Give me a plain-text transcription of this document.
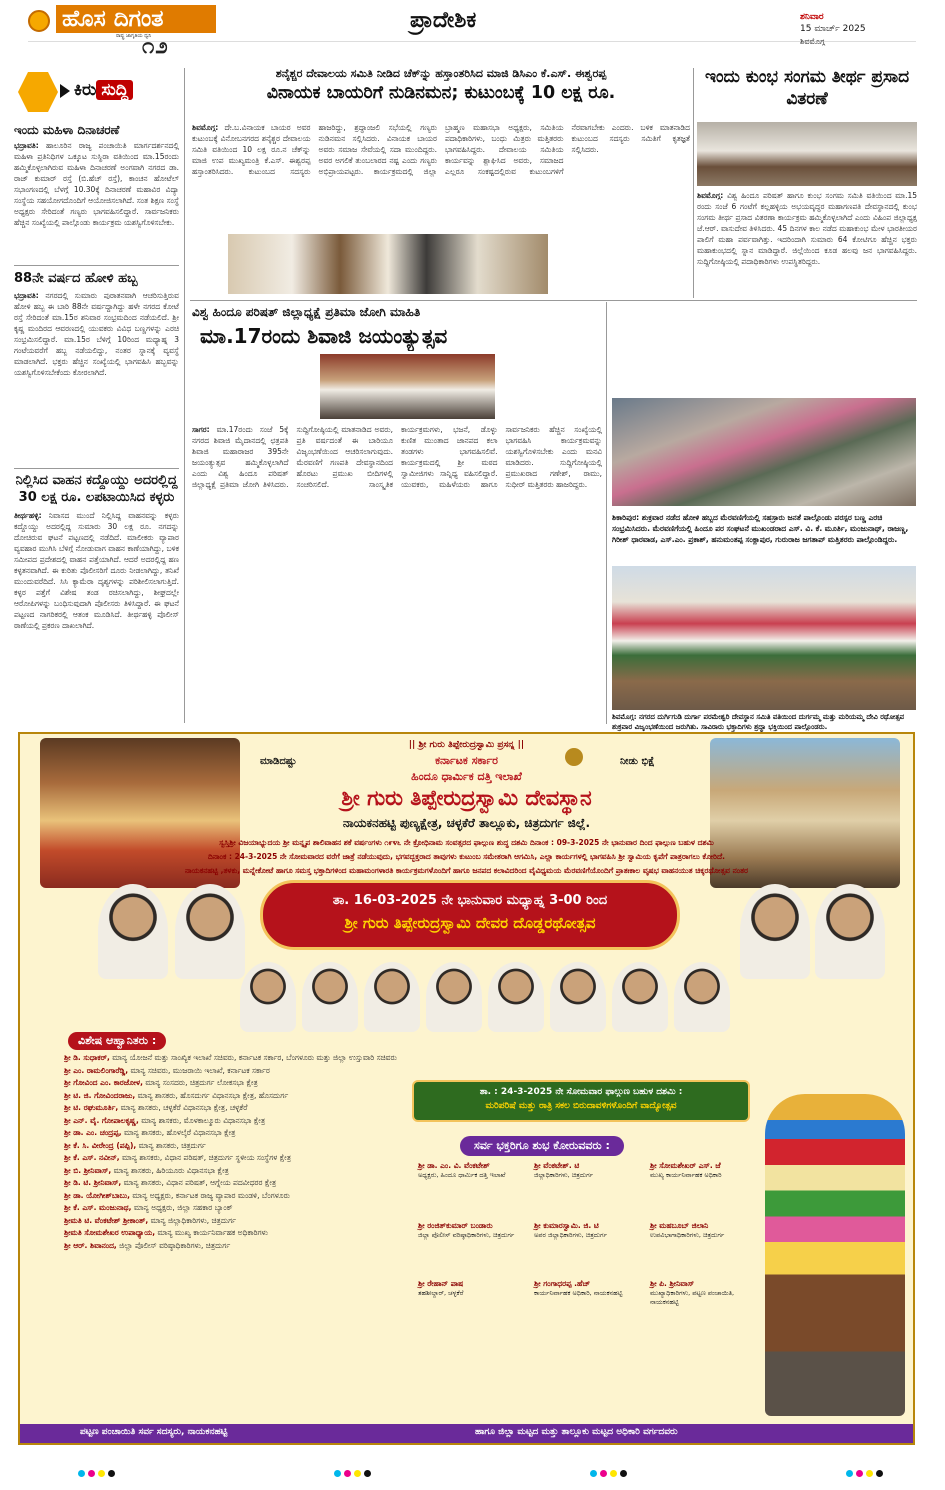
ಹೊಸ ದಿಗಂತ
ರಾಷ್ಟ್ರ ಜಾಗೃತಿಯ ಧ್ವನಿ
೧೨
ಪ್ರಾದೇಶಿಕ	ಶನಿವಾರ
15 ಮಾರ್ಚ್ 2025
ಶಿವಮೊಗ್ಗ
ಕಿರು ಸುದ್ದಿ
ಇಂದು ಮಹಿಳಾ ದಿನಾಚರಣೆ
ಭದ್ರಾವತಿ: ಹಾಲೂರಿನ ರಾಜ್ಯ ಪಂಚಾಯಿತಿ ಮಾರ್ಗದರ್ಶನದಲ್ಲಿ ಮಹಿಳಾ ಪ್ರತಿನಿಧಿಗಳ ಒಕ್ಕೂಟ ಸುಸ್ಥಿರಾ ವತಿಯಿಂದ ಮಾ.15ರಂದು ಹಮ್ಮಿಕೊಳ್ಳಲಾಗಿರುವ ಮಹಿಳಾ ದಿನಾಚರಣೆ ಅಂಗವಾಗಿ ನಗರದ ಡಾ. ರಾಜ್ ಕುಮಾರ್ ರಸ್ತೆ (ಬಿ.ಹೆಚ್ ರಸ್ತೆ), ಕಾಂಚನ ಹೋಟೆಲ್ ಸಭಾಂಗಣದಲ್ಲಿ ಬೆಳಗ್ಗೆ 10.30ಕ್ಕೆ ದಿನಾಚರಣೆ ಮಹಾವಿರ ವಿದ್ಯಾ ಸಂಸ್ಥೆಯ ಸಹಯೋಗದೊಂದಿಗೆ ಆಯೋಜಿಸಲಾಗಿದೆ. ಸಂತ ಶಿಕ್ಷಣ ಸಂಸ್ಥೆ ಅಧ್ಯಕ್ಷರು ಸೇರಿದಂತೆ ಗಣ್ಯರು ಭಾಗವಹಿಸಲಿದ್ದಾರೆ. ಸಾರ್ವಜನಿಕರು ಹೆಚ್ಚಿನ ಸಂಖ್ಯೆಯಲ್ಲಿ ಪಾಲ್ಗೊಂಡು ಕಾರ್ಯಕ್ರಮ ಯಶಸ್ವಿಗೊಳಿಸಬೇಕು.
88ನೇ ವರ್ಷದ ಹೋಳಿ ಹಬ್ಬ
ಭದ್ರಾವತಿ: ನಗರದಲ್ಲಿ ಸುಮಾರು ಪುರಾತನವಾಗಿ ಆಚರಿಸುತ್ತಿರುವ ಹೋಳಿ ಹಬ್ಬ ಈ ಬಾರಿ 88ನೇ ವರ್ಷದ್ದಾಗಿದ್ದು ಹಳೇ ನಗರದ ಕೋಟೆ ರಸ್ತೆ ಸೇರಿದಂತೆ ಮಾ.15ರ ಶನಿವಾರ ಸಂಭ್ರಮದಿಂದ ನಡೆಯಲಿದೆ. ಶ್ರೀ ಕೃಷ್ಣ ಮಂದಿರದ ಆವರಣದಲ್ಲಿ ಯುವಕರು ವಿವಿಧ ಬಣ್ಣಗಳನ್ನು ಎರಚಿ ಸಂಭ್ರಮಿಸಲಿದ್ದಾರೆ. ಮಾ.15ರ ಬೆಳಿಗ್ಗೆ 10ರಿಂದ ಮಧ್ಯಾಹ್ನ 3 ಗಂಟೆಯವರೆಗೆ ಹಬ್ಬ ನಡೆಯಲಿದ್ದು, ನಂತರ ಸ್ನಾನಕ್ಕೆ ವ್ಯವಸ್ಥೆ ಮಾಡಲಾಗಿದೆ. ಭಕ್ತರು ಹೆಚ್ಚಿನ ಸಂಖ್ಯೆಯಲ್ಲಿ ಭಾಗವಹಿಸಿ ಹಬ್ಬವನ್ನು ಯಶಸ್ವಿಗೊಳಿಸಬೇಕೆಂದು ಕೋರಲಾಗಿದೆ.
ನಿಲ್ಲಿಸಿದ ವಾಹನ ಕದ್ದೊಯ್ದು ಅದರಲ್ಲಿದ್ದ 30 ಲಕ್ಷ ರೂ. ಲಪಟಾಯಿಸಿದ ಕಳ್ಳರು
ತೀರ್ಥಹಳ್ಳಿ: ನಿವಾಸದ ಮುಂದೆ ನಿಲ್ಲಿಸಿದ್ದ ವಾಹನವನ್ನು ಕಳ್ಳರು ಕದ್ದೊಯ್ದು ಅದರಲ್ಲಿದ್ದ ಸುಮಾರು 30 ಲಕ್ಷ ರೂ. ನಗದನ್ನು ದೋಚಿರುವ ಘಟನೆ ಪಟ್ಟಣದಲ್ಲಿ ನಡೆದಿದೆ. ಮಾಲೀಕರು ವ್ಯಾಪಾರ ವ್ಯವಹಾರ ಮುಗಿಸಿ ಬೆಳಿಗ್ಗೆ ನೋಡುವಾಗ ವಾಹನ ಕಾಣೆಯಾಗಿದ್ದು, ಬಳಿಕ ಸಮೀಪದ ಪ್ರದೇಶದಲ್ಲಿ ವಾಹನ ಪತ್ತೆಯಾಗಿದೆ. ಆದರೆ ಅದರಲ್ಲಿದ್ದ ಹಣ ಕಳ್ಳತನವಾಗಿದೆ. ಈ ಕುರಿತು ಪೊಲೀಸರಿಗೆ ದೂರು ನೀಡಲಾಗಿದ್ದು, ತನಿಖೆ ಮುಂದುವರೆದಿದೆ. ಸಿಸಿ ಕ್ಯಾಮೆರಾ ದೃಶ್ಯಗಳನ್ನು ಪರಿಶೀಲಿಸಲಾಗುತ್ತಿದೆ. ಕಳ್ಳರ ಪತ್ತೆಗೆ ವಿಶೇಷ ತಂಡ ರಚಿಸಲಾಗಿದ್ದು, ಶೀಘ್ರದಲ್ಲೇ ಆರೋಪಿಗಳನ್ನು ಬಂಧಿಸುವುದಾಗಿ ಪೊಲೀಸರು ತಿಳಿಸಿದ್ದಾರೆ. ಈ ಘಟನೆ ಪಟ್ಟಣದ ನಾಗರಿಕರಲ್ಲಿ ಆತಂಕ ಮೂಡಿಸಿದೆ. ತೀರ್ಥಹಳ್ಳಿ ಪೊಲೀಸ್ ಠಾಣೆಯಲ್ಲಿ ಪ್ರಕರಣ ದಾಖಲಾಗಿದೆ.
ಶನೈಶ್ಚರ ದೇವಾಲಯ ಸಮಿತಿ ನೀಡಿದ ಚೆಕ್‌ನ್ನು ಹಸ್ತಾಂತರಿಸಿದ ಮಾಜಿ ಡಿಸಿಎಂ ಕೆ.ಎಸ್. ಈಶ್ವರಪ್ಪ
ವಿನಾಯಕ ಬಾಯರಿಗೆ ನುಡಿನಮನ; ಕುಟುಂಬಕ್ಕೆ 10 ಲಕ್ಷ ರೂ.
ಶಿವಮೊಗ್ಗ: ದೇ.ಬ.ವಿನಾಯಕ ಬಾಯರ ಅವರ ಕುಟುಂಬಕ್ಕೆ ವಿನೋಬನಗರದ ಶನೈಶ್ಚರ ದೇವಾಲಯ ಸಮಿತಿ ವತಿಯಿಂದ 10 ಲಕ್ಷ ರೂ.ನ ಚೆಕ್‌ನ್ನು ಮಾಜಿ ಉಪ ಮುಖ್ಯಮಂತ್ರಿ ಕೆ.ಎಸ್. ಈಶ್ವರಪ್ಪ ಹಸ್ತಾಂತರಿಸಿದರು. ಕುಟುಂಬದ ಸದಸ್ಯರು ಹಾಜರಿದ್ದು, ಶ್ರದ್ಧಾಂಜಲಿ ಸಭೆಯಲ್ಲಿ ಗಣ್ಯರು ನುಡಿನಮನ ಸಲ್ಲಿಸಿದರು. ವಿನಾಯಕ ಬಾಯರ ಅವರು ಸಮಾಜ ಸೇವೆಯಲ್ಲಿ ಸದಾ ಮುಂದಿದ್ದರು. ಅವರ ಅಗಲಿಕೆ ತುಂಬಲಾರದ ನಷ್ಟ ಎಂದು ಗಣ್ಯರು ಅಭಿಪ್ರಾಯಪಟ್ಟರು. ಕಾರ್ಯಕ್ರಮದಲ್ಲಿ ಜಿಲ್ಲಾ ಬ್ರಾಹ್ಮಣ ಮಹಾಸಭಾ ಅಧ್ಯಕ್ಷರು, ಸಮಿತಿಯ ಪದಾಧಿಕಾರಿಗಳು, ಬಂಧು ಮಿತ್ರರು ಮತ್ತಿತರರು ಭಾಗವಹಿಸಿದ್ದರು. ದೇವಾಲಯ ಸಮಿತಿಯ ಕಾರ್ಯವನ್ನು ಶ್ಲಾಘಿಸಿದ ಅವರು, ಸಮಾಜದ ಎಲ್ಲರೂ ಸಂಕಷ್ಟದಲ್ಲಿರುವ ಕುಟುಂಬಗಳಿಗೆ ನೆರವಾಗಬೇಕು ಎಂದರು. ಬಳಿಕ ಮಾತನಾಡಿದ ಕುಟುಂಬದ ಸದಸ್ಯರು ಸಮಿತಿಗೆ ಕೃತಜ್ಞತೆ ಸಲ್ಲಿಸಿದರು.
ಇಂದು ಕುಂಭ ಸಂಗಮ ತೀರ್ಥ ಪ್ರಸಾದ ವಿತರಣೆ
ಶಿವಮೊಗ್ಗ: ವಿಶ್ವ ಹಿಂದೂ ಪರಿಷತ್ ಹಾಗೂ ಕುಂಭ ಸಂಗಮ ಸಮಿತಿ ವತಿಯಿಂದ ಮಾ.15 ರಂದು ಸಂಜೆ 6 ಗಂಟೆಗೆ ಕಲ್ಲಹಳ್ಳಿಯ ಅಭಯವೃದ್ಧರ ಮಹಾಗಣಪತಿ ದೇವಸ್ಥಾನದಲ್ಲಿ ಕುಂಭ ಸಂಗಮ ತೀರ್ಥ ಪ್ರಸಾದ ವಿತರಣಾ ಕಾರ್ಯಕ್ರಮ ಹಮ್ಮಿಕೊಳ್ಳಲಾಗಿದೆ ಎಂದು ವಿಹಿಂಪ ಜಿಲ್ಲಾಧ್ಯಕ್ಷ ಜೆ.ಆರ್. ವಾಸುದೇವ ತಿಳಿಸಿದರು. 45 ದಿನಗಳ ಕಾಲ ನಡೆದ ಮಹಾಕುಂಭ ಮೇಳ ಭಾರತೀಯರ ಪಾಲಿಗೆ ಮಹಾ ಪರ್ವವಾಗಿತ್ತು. ಇದರಿಂದಾಗಿ ಸುಮಾರು 64 ಕೋಟಿಗೂ ಹೆಚ್ಚಿನ ಭಕ್ತರು ಮಹಾಕುಂಭದಲ್ಲಿ ಸ್ನಾನ ಮಾಡಿದ್ದಾರೆ. ಜಿಲ್ಲೆಯಿಂದ ಕೂಡ ಹಲವು ಜನ ಭಾಗವಹಿಸಿದ್ದರು. ಸುದ್ದಿಗೋಷ್ಠಿಯಲ್ಲಿ ಪದಾಧಿಕಾರಿಗಳು ಉಪಸ್ಥಿತರಿದ್ದರು.
ವಿಶ್ವ ಹಿಂದೂ ಪರಿಷತ್ ಜಿಲ್ಲಾಧ್ಯಕ್ಷೆ ಪ್ರತಿಮಾ ಜೋಗಿ ಮಾಹಿತಿ
ಮಾ.17ರಂದು ಶಿವಾಜಿ ಜಯಂತ್ಯುತ್ಸವ
ಸಾಗರ: ಮಾ.17ರಂದು ಸಂಜೆ 5ಕ್ಕೆ ನಗರದ ಶಿವಾಜಿ ಮೈದಾನದಲ್ಲಿ ಛತ್ರಪತಿ ಶಿವಾಜಿ ಮಹಾರಾಜರ 395ನೇ ಜಯಂತ್ಯುತ್ಸವ ಹಮ್ಮಿಕೊಳ್ಳಲಾಗಿದೆ ಎಂದು ವಿಶ್ವ ಹಿಂದೂ ಪರಿಷತ್ ಜಿಲ್ಲಾಧ್ಯಕ್ಷೆ ಪ್ರತಿಮಾ ಜೋಗಿ ತಿಳಿಸಿದರು. ಸುದ್ದಿಗೋಷ್ಠಿಯಲ್ಲಿ ಮಾತನಾಡಿದ ಅವರು, ಪ್ರತಿ ವರ್ಷದಂತೆ ಈ ಬಾರಿಯೂ ವಿಜೃಂಭಣೆಯಿಂದ ಆಚರಿಸಲಾಗುವುದು. ಮೆರವಣಿಗೆ ಗಣಪತಿ ದೇವಸ್ಥಾನದಿಂದ ಹೊರಟು ಪ್ರಮುಖ ಬೀದಿಗಳಲ್ಲಿ ಸಂಚರಿಸಲಿದೆ. ಸಾಂಸ್ಕೃತಿಕ ಕಾರ್ಯಕ್ರಮಗಳು, ಭಜನೆ, ಡೊಳ್ಳು ಕುಣಿತ ಮುಂತಾದ ಜಾನಪದ ಕಲಾ ತಂಡಗಳು ಭಾಗವಹಿಸಲಿವೆ. ಕಾರ್ಯಕ್ರಮದಲ್ಲಿ ಶ್ರೀ ಮಠದ ಸ್ವಾಮೀಜಿಗಳು ಸಾನ್ನಿಧ್ಯ ವಹಿಸಲಿದ್ದಾರೆ. ಯುವಕರು, ಮಹಿಳೆಯರು ಹಾಗೂ ಸಾರ್ವಜನಿಕರು ಹೆಚ್ಚಿನ ಸಂಖ್ಯೆಯಲ್ಲಿ ಭಾಗವಹಿಸಿ ಕಾರ್ಯಕ್ರಮವನ್ನು ಯಶಸ್ವಿಗೊಳಿಸಬೇಕು ಎಂದು ಮನವಿ ಮಾಡಿದರು. ಸುದ್ದಿಗೋಷ್ಠಿಯಲ್ಲಿ ಪ್ರಮುಖರಾದ ಗಣೇಶ್, ರಾಮು, ಸುಧೀರ್ ಮತ್ತಿತರರು ಹಾಜರಿದ್ದರು.
ಶಿಕಾರಿಪುರ: ಶುಕ್ರವಾರ ನಡೆದ ಹೋಳಿ ಹಬ್ಬದ ಮೆರವಣಿಗೆಯಲ್ಲಿ ಸಹಸ್ರಾರು ಜನತೆ ಪಾಲ್ಗೊಂಡು ಪರಸ್ಪರ ಬಣ್ಣ ಎರಚಿ ಸಂಭ್ರಮಿಸಿದರು. ಮೆರವಣಿಗೆಯಲ್ಲಿ ಹಿಂದೂ ಪರ ಸಂಘಟನೆ ಮುಖಂಡರಾದ ಎಸ್. ವಿ. ಕೆ. ಮೂರ್ತಿ, ಮಂಜುನಾಥ್, ರಾಜಣ್ಣ, ಗಿರೀಶ್ ಧಾರವಾಡ, ಎಸ್.ಎಂ. ಪ್ರಕಾಶ್, ಹನುಮಂತಪ್ಪ ಸಂಕ್ಲಾಪುರ, ಗುರುರಾಜ ಜಗತಾಪ್ ಮತ್ತಿತರರು ಪಾಲ್ಗೊಂಡಿದ್ದರು.
ಶಿವಮೊಗ್ಗ: ನಗರದ ದುರ್ಗಿಗುಡಿ ದುರ್ಗಾ ಪರಮೇಶ್ವರಿ ದೇವಸ್ಥಾನ ಸಮಿತಿ ವತಿಯಿಂದ ದುರ್ಗಮ್ಮ ಮತ್ತು ಮರಿಯಮ್ಮ ದೇವಿ ರಥೋತ್ಸವ ಶುಕ್ರವಾರ ವಿಜೃಂಭಣೆಯಿಂದ ಜರುಗಿತು. ಸಾವಿರಾರು ಭಕ್ತಾದಿಗಳು ಶ್ರದ್ಧಾ ಭಕ್ತಿಯಿಂದ ಪಾಲ್ಗೊಂಡರು.
|| ಶ್ರೀ ಗುರು ತಿಪ್ಪೇರುದ್ರಸ್ವಾಮಿ ಪ್ರಸನ್ನ ||
ಕರ್ನಾಟಕ ಸರ್ಕಾರ
ಹಿಂದೂ ಧಾರ್ಮಿಕ ದತ್ತಿ ಇಲಾಖೆ
ಮಾಡಿದಷ್ಟು	ನೀಡು ಭಿಕ್ಷೆ
ಶ್ರೀ ಗುರು ತಿಪ್ಪೇರುದ್ರಸ್ವಾಮಿ ದೇವಸ್ಥಾನ
ನಾಯಕನಹಟ್ಟಿ ಪುಣ್ಯಕ್ಷೇತ್ರ, ಚಳ್ಳಕೆರೆ ತಾಲ್ಲೂಕು, ಚಿತ್ರದುರ್ಗ ಜಿಲ್ಲೆ.
ಸ್ವಸ್ತಿಶ್ರೀ ವಿಜಯಾಭ್ಯುದಯ ಶ್ರೀ ಮನ್ನೃಪ ಶಾಲಿವಾಹನ ಶಕೆ ವರ್ಷಂಗಳು ೧೯೪೬ ನೇ ಕ್ರೋಧಿನಾಮ ಸಂವತ್ಸರದ ಫಾಲ್ಗುಣ ಶುದ್ಧ ದಶಮಿ ದಿನಾಂಕ : 09-3-2025 ನೇ ಭಾನುವಾರ ದಿಂದ ಫಾಲ್ಗುಣ ಬಹುಳ ದಶಮಿ
ದಿನಾಂಕ : 24-3-2025 ನೇ ಸೋಮವಾರದ ವರೆಗೆ ಜಾತ್ರೆ ನಡೆಯುವುದು, ಭಗವದ್ಭಕ್ತರಾದ ತಾವುಗಳು ಕುಟುಂಬ ಸಮೇತರಾಗಿ ಆಗಮಿಸಿ, ಎಲ್ಲಾ ಕಾರ್ಯಗಳಲ್ಲಿ ಭಾಗವಹಿಸಿ ಶ್ರೀ ಸ್ವಾಮಿಯ ಕೃಪೆಗೆ ಪಾತ್ರರಾಗಲು ಕೋರಿದೆ.
ನಾಯಕನಹಟ್ಟಿ ,ತಳಕು, ಮನ್ನೇಕೋಟೆ ಹಾಗೂ ಸಮಸ್ತ ಭಕ್ತಾದಿಗಳಿಂದ ಮಹಾಮಂಗಳಾರತಿ ಕಾರ್ಯಕ್ರಮಗಳೊಂದಿಗೆ ಹಾಗೂ ಜನಪದ ಕಲಾವಿದರಿಂದ ವೈವಿಧ್ಯಮಯ ಮೆರವಣಿಗೆಯೊಂದಿಗೆ ಪ್ರಾತಃಕಾಲ ವೃಷಭ ವಾಹನಯುತ ಚಿಕ್ಕರಥೋತ್ಸವ ನಂತರ
ತಾ. 16-03-2025 ನೇ ಭಾನುವಾರ ಮಧ್ಯಾಹ್ನ 3-00 ರಿಂದ
ಶ್ರೀ ಗುರು ತಿಪ್ಪೇರುದ್ರಸ್ವಾಮಿ ದೇವರ ದೊಡ್ಡರಥೋತ್ಸವ
ವಿಶೇಷ ಆಹ್ವಾನಿತರು :
ಶ್ರೀ ಡಿ. ಸುಧಾಕರ್, ಮಾನ್ಯ ಯೋಜನೆ ಮತ್ತು ಸಾಂಖ್ಯಿಕ ಇಲಾಖೆ ಸಚಿವರು, ಕರ್ನಾಟಕ ಸರ್ಕಾರ, ಬೆಂಗಳೂರು ಮತ್ತು ಜಿಲ್ಲಾ ಉಸ್ತುವಾರಿ ಸಚಿವರು
ಶ್ರೀ ಎಂ. ರಾಮಲಿಂಗಾರೆಡ್ಡಿ, ಮಾನ್ಯ ಸಚಿವರು, ಮುಜರಾಯಿ ಇಲಾಖೆ, ಕರ್ನಾಟಕ ಸರ್ಕಾರ
ಶ್ರೀ ಗೋವಿಂದ ಎಂ. ಕಾರಜೋಳ, ಮಾನ್ಯ ಸಂಸದರು, ಚಿತ್ರದುರ್ಗ ಲೋಕಸಭಾ ಕ್ಷೇತ್ರ
ಶ್ರೀ ಟಿ. ಜಿ. ಗೋವಿಂದರಾಜು, ಮಾನ್ಯ ಶಾಸಕರು, ಹೊಸದುರ್ಗ ವಿಧಾನಸಭಾ ಕ್ಷೇತ್ರ, ಹೊಸದುರ್ಗ
ಶ್ರೀ ಟಿ. ರಘುಮೂರ್ತಿ, ಮಾನ್ಯ ಶಾಸಕರು, ಚಳ್ಳಕೆರೆ ವಿಧಾನಸಭಾ ಕ್ಷೇತ್ರ, ಚಳ್ಳಕೆರೆ
ಶ್ರೀ ಎನ್. ವೈ. ಗೋಪಾಲಕೃಷ್ಣ, ಮಾನ್ಯ ಶಾಸಕರು, ಮೊಳಕಾಲ್ಮೂರು ವಿಧಾನಸಭಾ ಕ್ಷೇತ್ರ
ಶ್ರೀ ಡಾ. ಎಂ. ಚಂದ್ರಪ್ಪ, ಮಾನ್ಯ ಶಾಸಕರು, ಹೊಳಲ್ಕೆರೆ ವಿಧಾನಸಭಾ ಕ್ಷೇತ್ರ
ಶ್ರೀ ಕೆ. ಸಿ. ವೀರೇಂದ್ರ (ಪಪ್ಪಿ), ಮಾನ್ಯ ಶಾಸಕರು, ಚಿತ್ರದುರ್ಗ
ಶ್ರೀ ಕೆ. ಎಸ್. ನವೀನ್, ಮಾನ್ಯ ಶಾಸಕರು, ವಿಧಾನ ಪರಿಷತ್, ಚಿತ್ರದುರ್ಗ ಸ್ಥಳೀಯ ಸಂಸ್ಥೆಗಳ ಕ್ಷೇತ್ರ
ಶ್ರೀ ಬಿ. ಶ್ರೀನಿವಾಸ್, ಮಾನ್ಯ ಶಾಸಕರು, ಹಿರಿಯೂರು ವಿಧಾನಸಭಾ ಕ್ಷೇತ್ರ
ಶ್ರೀ ಡಿ. ಟಿ. ಶ್ರೀನಿವಾಸ್, ಮಾನ್ಯ ಶಾಸಕರು, ವಿಧಾನ ಪರಿಷತ್, ಆಗ್ನೇಯ ಪದವೀಧರರ ಕ್ಷೇತ್ರ
ಶ್ರೀ ಡಾ. ಯೋಗೀಶ್‌ಬಾಬು, ಮಾನ್ಯ ಅಧ್ಯಕ್ಷರು, ಕರ್ನಾಟಕ ರಾಜ್ಯ ವ್ಯಾಪಾರ ಮಂಡಳಿ, ಬೆಂಗಳೂರು
ಶ್ರೀ ಕೆ. ಎಸ್. ಮಂಜುನಾಥ, ಮಾನ್ಯ ಅಧ್ಯಕ್ಷರು, ಜಿಲ್ಲಾ ಸಹಕಾರ ಬ್ಯಾಂಕ್
ಶ್ರೀಮತಿ ಟಿ. ವೆಂಕಟೇಶ್ ಶ್ರೀಕಾಂತ್, ಮಾನ್ಯ ಜಿಲ್ಲಾಧಿಕಾರಿಗಳು, ಚಿತ್ರದುರ್ಗ
ಶ್ರೀಮತಿ ಸೋಮಶೇಖರ ಉಪಾಧ್ಯಾಯ, ಮಾನ್ಯ ಮುಖ್ಯ ಕಾರ್ಯನಿರ್ವಾಹಕ ಅಧಿಕಾರಿಗಳು
ಶ್ರೀ ಆರ್. ಶಿವಾನಂದ, ಜಿಲ್ಲಾ ಪೊಲೀಸ್ ವರಿಷ್ಠಾಧಿಕಾರಿಗಳು, ಚಿತ್ರದುರ್ಗ
ತಾ. : 24-3-2025 ನೇ ಸೋಮವಾರ ಫಾಲ್ಗುಣ ಬಹುಳ ದಶಮಿ :
ಮರಿಪರಿಷೆ ಮತ್ತು ರಾತ್ರಿ ಸಕಲ ಬಿರುದಾವಳಿಗಳೊಂದಿಗೆ ವಾದ್ಯೋತ್ಸವ
ಸರ್ವ ಭಕ್ತರಿಗೂ ಶುಭ ಕೋರುವವರು :
ಶ್ರೀ ಡಾ. ಎಂ. ವಿ. ವೆಂಕಟೇಶ್
ಅಧ್ಯಕ್ಷರು, ಹಿಂದೂ ಧಾರ್ಮಿಕ ದತ್ತಿ ಇಲಾಖೆ
ಶ್ರೀ ವೆಂಕಟೇಶ್. ಟಿ
ಜಿಲ್ಲಾಧಿಕಾರಿಗಳು, ಚಿತ್ರದುರ್ಗ
ಶ್ರೀ ಸೋಮಶೇಖರ್ ಎಸ್. ಜೆ
ಮುಖ್ಯ ಕಾರ್ಯನಿರ್ವಾಹಕ ಅಧಿಕಾರಿ
ಶ್ರೀ ರಂಜಿತ್‌ಕುಮಾರ್ ಬಂಡಾರು
ಜಿಲ್ಲಾ ಪೊಲೀಸ್ ವರಿಷ್ಠಾಧಿಕಾರಿಗಳು, ಚಿತ್ರದುರ್ಗ
ಶ್ರೀ ಕುಮಾರಸ್ವಾಮಿ. ಜಿ. ಟಿ
ಅಪರ ಜಿಲ್ಲಾಧಿಕಾರಿಗಳು, ಚಿತ್ರದುರ್ಗ
ಶ್ರೀ ಮಹಬೂಬ್ ಜಿಲಾನಿ
ಉಪವಿಭಾಗಾಧಿಕಾರಿಗಳು, ಚಿತ್ರದುರ್ಗ
ಶ್ರೀ ರೇಹಾನ್ ಪಾಷ
ತಹಶೀಲ್ದಾರ್, ಚಳ್ಳಕೆರೆ
ಶ್ರೀ ಗಂಗಾಧರಪ್ಪ .ಹೆಚ್
ಕಾರ್ಯನಿರ್ವಾಹಕ ಅಧಿಕಾರಿ, ನಾಯಕನಹಟ್ಟಿ
ಶ್ರೀ ಪಿ. ಶ್ರೀನಿವಾಸ್
ಮುಖ್ಯಾಧಿಕಾರಿಗಳು, ಪಟ್ಟಣ ಪಂಚಾಯಿತಿ, ನಾಯಕನಹಟ್ಟಿ
ಪಟ್ಟಣ ಪಂಚಾಯಿತಿ ಸರ್ವ ಸದಸ್ಯರು, ನಾಯಕನಹಟ್ಟಿ	ಹಾಗೂ ಜಿಲ್ಲಾ ಮಟ್ಟದ ಮತ್ತು ತಾಲ್ಲೂಕು ಮಟ್ಟದ ಅಧಿಕಾರಿ ವರ್ಗದವರು
